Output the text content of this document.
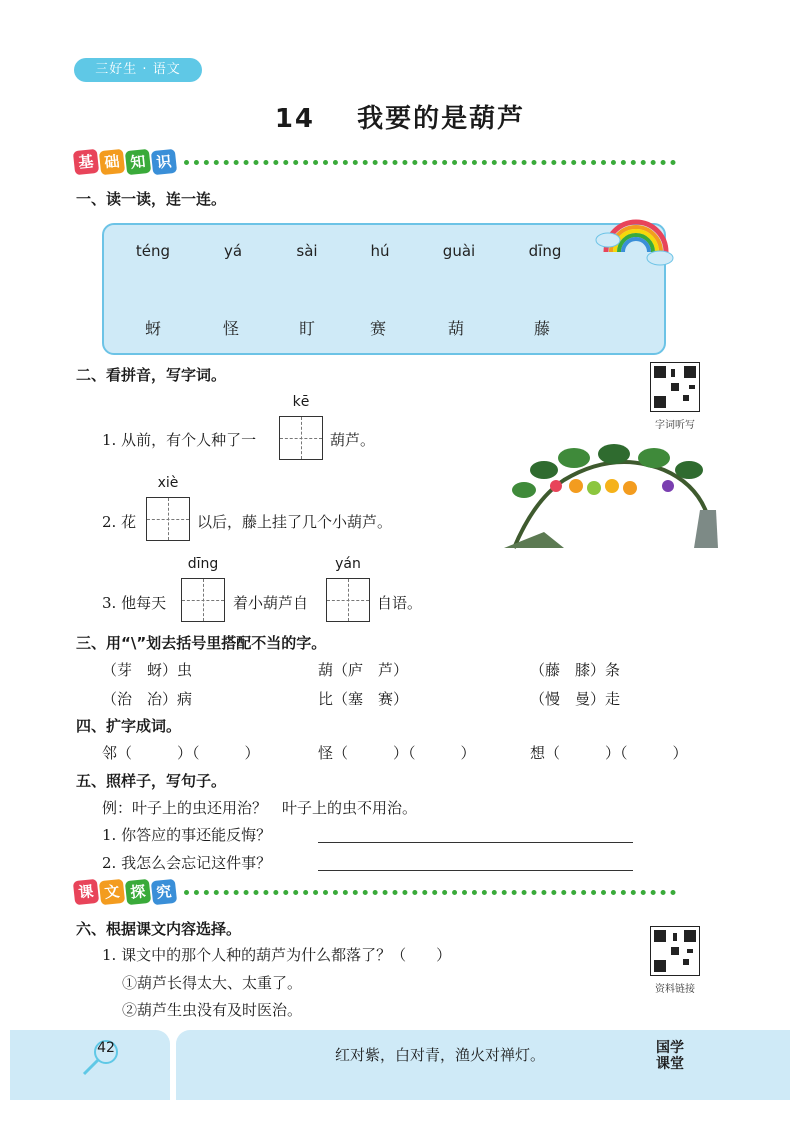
三好生 · 语文
14 我要的是葫芦
基 础 知 识
一、读一读，连一连。
téng	yá	sài	hú	guài	dīng
蚜	怪	盯	赛	葫	藤
二、看拼音，写字词。
字词听写
kē
1. 从前，有个人种了一	葫芦。
xiè
2. 花	以后，藤上挂了几个小葫芦。
dīng	yán
3. 他每天	着小葫芦自	自语。
三、用“\”划去括号里搭配不当的字。
（芽　蚜）虫	葫（庐　芦）	（藤　膝）条
（治　冶）病	比（塞　赛）	（慢　曼）走
四、扩字成词。
邻（　　　）（　　　）	怪（　　　）（　　　）	想（　　　）（　　　）
五、照样子，写句子。
例：叶子上的虫还用治？　叶子上的虫不用治。
1. 你答应的事还能反悔？
2. 我怎么会忘记这件事？
课 文 探 究
六、根据课文内容选择。
1. 课文中的那个人种的葫芦为什么都落了？（　　）
①葫芦长得太大、太重了。
②葫芦生虫没有及时医治。
资料链接
42	红对紫，白对青，渔火对禅灯。	国学
课堂
